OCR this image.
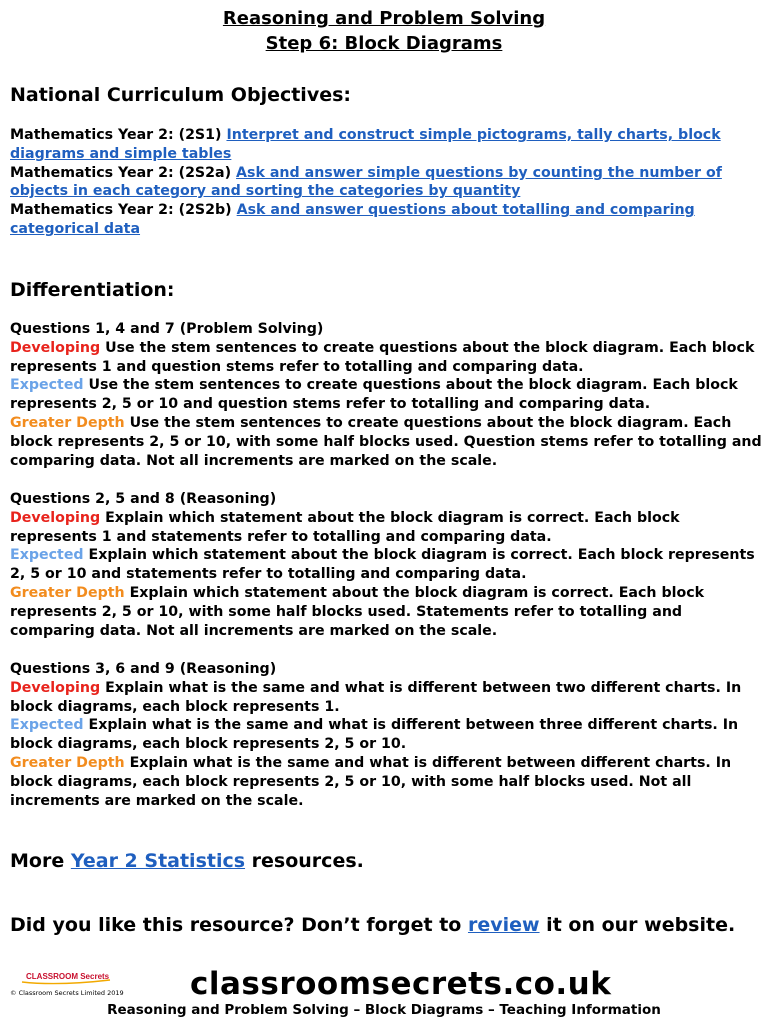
Reasoning and Problem Solving
Step 6: Block Diagrams
National Curriculum Objectives:
Mathematics Year 2: (2S1) Interpret and construct simple pictograms, tally charts, block diagrams and simple tables
Mathematics Year 2: (2S2a) Ask and answer simple questions by counting the number of objects in each category and sorting the categories by quantity
Mathematics Year 2: (2S2b) Ask and answer questions about totalling and comparing categorical data
Differentiation:
Questions 1, 4 and 7 (Problem Solving)
Developing Use the stem sentences to create questions about the block diagram. Each block represents 1 and question stems refer to totalling and comparing data.
Expected Use the stem sentences to create questions about the block diagram. Each block represents 2, 5 or 10 and question stems refer to totalling and comparing data.
Greater Depth Use the stem sentences to create questions about the block diagram. Each block represents 2, 5 or 10, with some half blocks used. Question stems refer to totalling and comparing data. Not all increments are marked on the scale.
Questions 2, 5 and 8 (Reasoning)
Developing Explain which statement about the block diagram is correct. Each block represents 1 and statements refer to totalling and comparing data.
Expected Explain which statement about the block diagram is correct. Each block represents 2, 5 or 10 and statements refer to totalling and comparing data.
Greater Depth Explain which statement about the block diagram is correct. Each block represents 2, 5 or 10, with some half blocks used. Statements refer to totalling and comparing data. Not all increments are marked on the scale.
Questions 3, 6 and 9 (Reasoning)
Developing Explain what is the same and what is different between two different charts. In block diagrams, each block represents 1.
Expected Explain what is the same and what is different between three different charts. In block diagrams, each block represents 2, 5 or 10.
Greater Depth Explain what is the same and what is different between different charts. In block diagrams, each block represents 2, 5 or 10, with some half blocks used. Not all increments are marked on the scale.
More Year 2 Statistics resources.
Did you like this resource? Don’t forget to review it on our website.
CLASSROOM Secrets
© Classroom Secrets Limited 2019 classroomsecrets.co.uk
Reasoning and Problem Solving – Block Diagrams – Teaching Information
